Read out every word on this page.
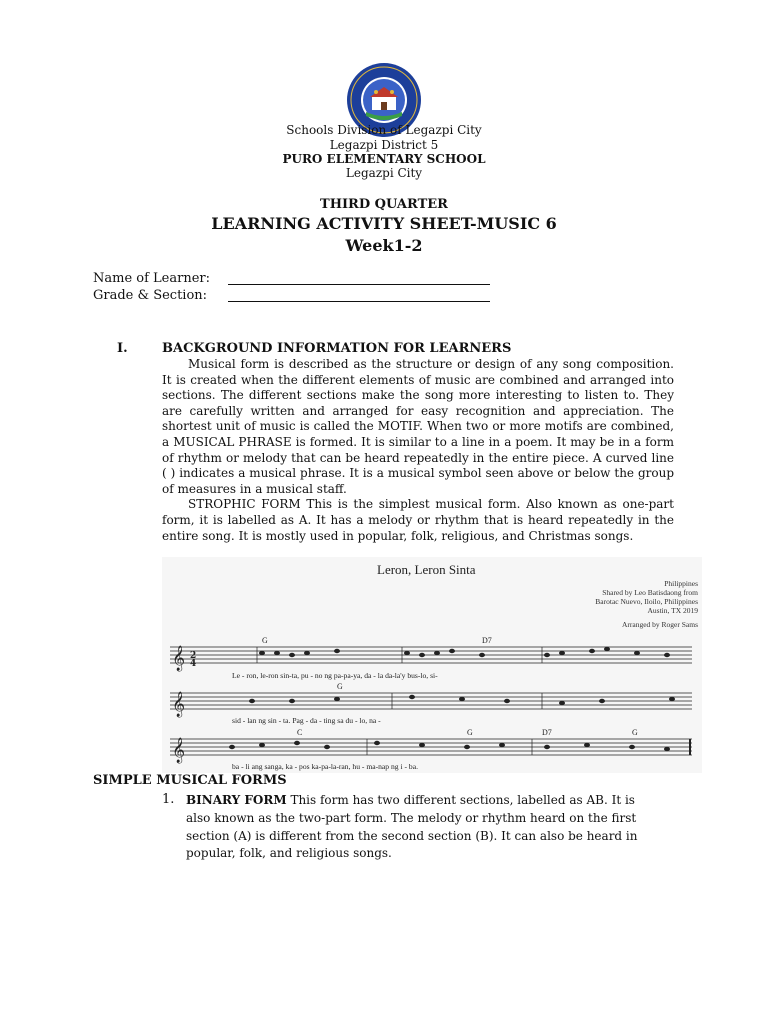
Schools Division of Legazpi City
Legazpi District 5
PURO ELEMENTARY SCHOOL
Legazpi City
THIRD QUARTER
LEARNING ACTIVITY SHEET-MUSIC 6
Week1-2
Name of Learner:
Grade & Section:
I.	BACKGROUND INFORMATION FOR LEARNERS

Musical form is described as the structure or design of any song composition. It is created when the different elements of music are combined and arranged into sections. The different sections make the song more interesting to listen to. They are carefully written and arranged for easy recognition and appreciation. The shortest unit of music is called the MOTIF. When two or more motifs are combined, a MUSICAL PHRASE is formed. It is similar to a line in a poem. It may be in a form of rhythm or melody that can be heard repeatedly in the entire piece. A curved line ( ) indicates a musical phrase. It is a musical symbol seen above or below the group of measures in a musical staff.

STROPHIC FORM This is the simplest musical form. Also known as one-part form, it is labelled as A. It has a melody or rhythm that is heard repeatedly in the entire song. It is mostly used in popular, folk, religious, and Christmas songs.

Leron, Leron Sinta
Philippines
Shared by Leo Batisdaong from
Barotac Nuevo, Iloilo, Philippines
Austin, TX 2019
Arranged by Roger Sams
𝄞 2
4
G	D7
Le - ron, le-ron sin-ta, pu - no ng pa-pa-ya, da - la da-la'y bus-lo, si-
𝄞
G
sid - lan ng sin - ta. Pag - da - ting sa du - lo, na -
𝄞
C	G	D7	G
ba - li ang sanga, ka - pos ka-pa-la-ran, hu - ma-nap ng i - ba.
SIMPLE MUSICAL FORMS
1. BINARY FORM This form has two different sections, labelled as AB. It is also known as the two-part form. The melody or rhythm heard on the first section (A) is different from the second section (B). It can also be heard in popular, folk, and religious songs.
